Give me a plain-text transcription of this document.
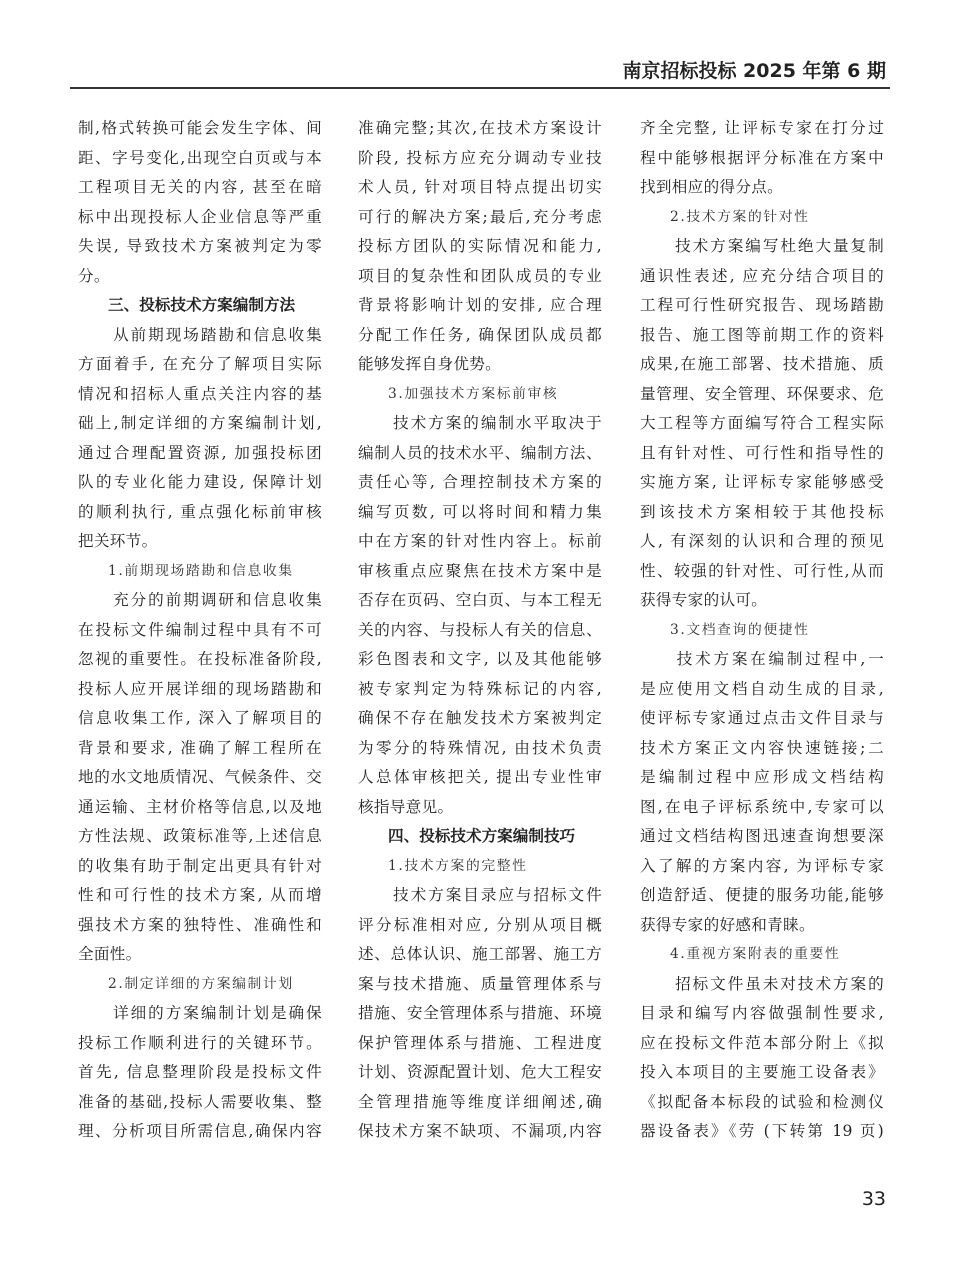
南京招标投标 2025 年第 6 期
制,格式转换可能会发生字体、间
距、字号变化,出现空白页或与本
工程项目无关的内容, 甚至在暗
标中出现投标人企业信息等严重
失误, 导致技术方案被判定为零
分。
三、投标技术方案编制方法
　　从前期现场踏勘和信息收集
方面着手, 在充分了解项目实际
情况和招标人重点关注内容的基
础上,制定详细的方案编制计划,
通过合理配置资源, 加强投标团
队的专业化能力建设, 保障计划
的顺利执行, 重点强化标前审核
把关环节。
1.前期现场踏勘和信息收集
　　充分的前期调研和信息收集
在投标文件编制过程中具有不可
忽视的重要性。在投标准备阶段,
投标人应开展详细的现场踏勘和
信息收集工作, 深入了解项目的
背景和要求, 准确了解工程所在
地的水文地质情况、气候条件、交
通运输、主材价格等信息,以及地
方性法规、政策标准等,上述信息
的收集有助于制定出更具有针对
性和可行性的技术方案, 从而增
强技术方案的独特性、准确性和
全面性。
2.制定详细的方案编制计划
　　详细的方案编制计划是确保
投标工作顺利进行的关键环节。
首先, 信息整理阶段是投标文件
准备的基础,投标人需要收集、整
理、分析项目所需信息,确保内容
准确完整;其次,在技术方案设计
阶段, 投标方应充分调动专业技
术人员, 针对项目特点提出切实
可行的解决方案;最后,充分考虑
投标方团队的实际情况和能力,
项目的复杂性和团队成员的专业
背景将影响计划的安排, 应合理
分配工作任务, 确保团队成员都
能够发挥自身优势。
3.加强技术方案标前审核
　　技术方案的编制水平取决于
编制人员的技术水平、编制方法、
责任心等, 合理控制技术方案的
编写页数, 可以将时间和精力集
中在方案的针对性内容上。标前
审核重点应聚焦在技术方案中是
否存在页码、空白页、与本工程无
关的内容、与投标人有关的信息、
彩色图表和文字, 以及其他能够
被专家判定为特殊标记的内容,
确保不存在触发技术方案被判定
为零分的特殊情况, 由技术负责
人总体审核把关, 提出专业性审
核指导意见。
四、投标技术方案编制技巧
1.技术方案的完整性
　　技术方案目录应与招标文件
评分标准相对应, 分别从项目概
述、总体认识、施工部署、施工方
案与技术措施、质量管理体系与
措施、安全管理体系与措施、环境
保护管理体系与措施、工程进度
计划、资源配置计划、危大工程安
全管理措施等维度详细阐述,确
保技术方案不缺项、不漏项,内容
齐全完整, 让评标专家在打分过
程中能够根据评分标准在方案中
找到相应的得分点。
2.技术方案的针对性
　　技术方案编写杜绝大量复制
通识性表述, 应充分结合项目的
工程可行性研究报告、现场踏勘
报告、施工图等前期工作的资料
成果,在施工部署、技术措施、质
量管理、安全管理、环保要求、危
大工程等方面编写符合工程实际
且有针对性、可行性和指导性的
实施方案, 让评标专家能够感受
到该技术方案相较于其他投标
人, 有深刻的认识和合理的预见
性、较强的针对性、可行性,从而
获得专家的认可。
3.文档查询的便捷性
　　技术方案在编制过程中,一
是应使用文档自动生成的目录,
使评标专家通过点击文件目录与
技术方案正文内容快速链接;二
是编制过程中应形成文档结构
图,在电子评标系统中,专家可以
通过文档结构图迅速查询想要深
入了解的方案内容, 为评标专家
创造舒适、便捷的服务功能,能够
获得专家的好感和青睐。
4.重视方案附表的重要性
　　招标文件虽未对技术方案的
目录和编写内容做强制性要求,
应在投标文件范本部分附上《拟
投入本项目的主要施工设备表》
《拟配备本标段的试验和检测仪
器设备表》《劳 (下转第 19 页)
33
